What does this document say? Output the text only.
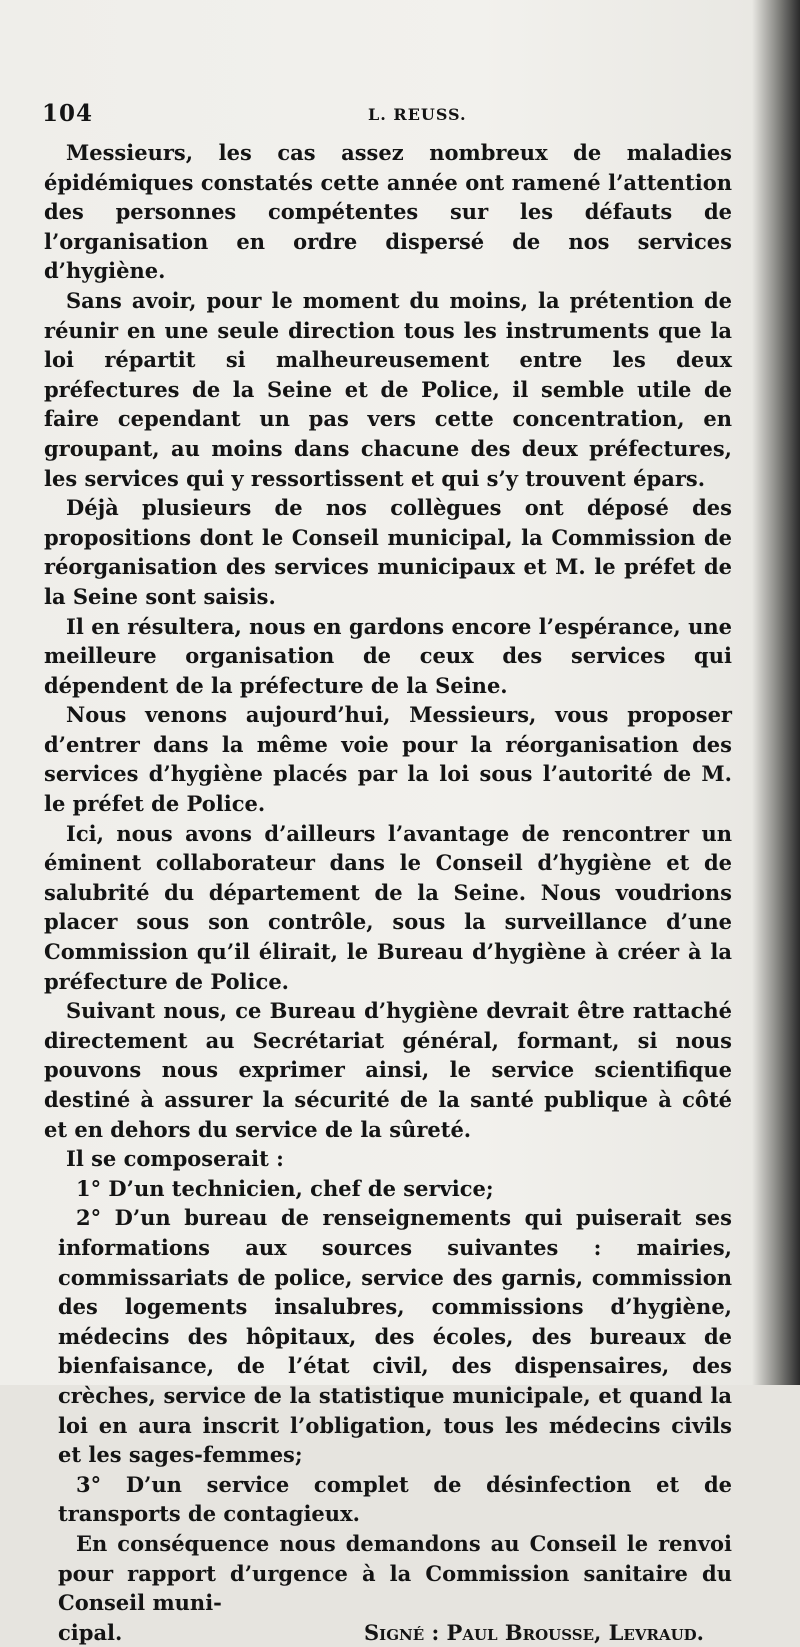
104	L. REUSS.

Messieurs, les cas assez nombreux de maladies épidémiques constatés cette année ont ramené l’attention des personnes compétentes sur les défauts de l’organisation en ordre dispersé de nos services d’hygiène.

Sans avoir, pour le moment du moins, la prétention de réunir en une seule direction tous les instruments que la loi répartit si malheureusement entre les deux préfectures de la Seine et de Police, il semble utile de faire cependant un pas vers cette concentration, en groupant, au moins dans chacune des deux préfectures, les services qui y ressortissent et qui s’y trouvent épars.

Déjà plusieurs de nos collègues ont déposé des propositions dont le Conseil municipal, la Commission de réorganisation des services municipaux et M. le préfet de la Seine sont saisis.

Il en résultera, nous en gardons encore l’espérance, une meilleure organisation de ceux des services qui dépendent de la préfecture de la Seine.

Nous venons aujourd’hui, Messieurs, vous proposer d’entrer dans la même voie pour la réorganisation des services d’hygiène placés par la loi sous l’autorité de M. le préfet de Police.

Ici, nous avons d’ailleurs l’avantage de rencontrer un éminent collaborateur dans le Conseil d’hygiène et de salubrité du département de la Seine. Nous voudrions placer sous son contrôle, sous la surveillance d’une Commission qu’il élirait, le Bureau d’hygiène à créer à la préfecture de Police.

Suivant nous, ce Bureau d’hygiène devrait être rattaché directement au Secrétariat général, formant, si nous pouvons nous exprimer ainsi, le service scientifique destiné à assurer la sécurité de la santé publique à côté et en dehors du service de la sûreté.

Il se composerait :

1° D’un technicien, chef de service;

2° D’un bureau de renseignements qui puiserait ses informations aux sources suivantes : mairies, commissariats de police, service des garnis, commission des logements insalubres, commissions d’hygiène, médecins des hôpitaux, des écoles, des bureaux de bienfaisance, de l’état civil, des dispensaires, des crèches, service de la statistique municipale, et quand la loi en aura inscrit l’obligation, tous les médecins civils et les sages-femmes;

3° D’un service complet de désinfection et de transports de contagieux.

En conséquence nous demandons au Conseil le renvoi pour rapport d’urgence à la Commission sanitaire du Conseil muni-

cipal.	Signé : Paul Brousse, Levraud.
